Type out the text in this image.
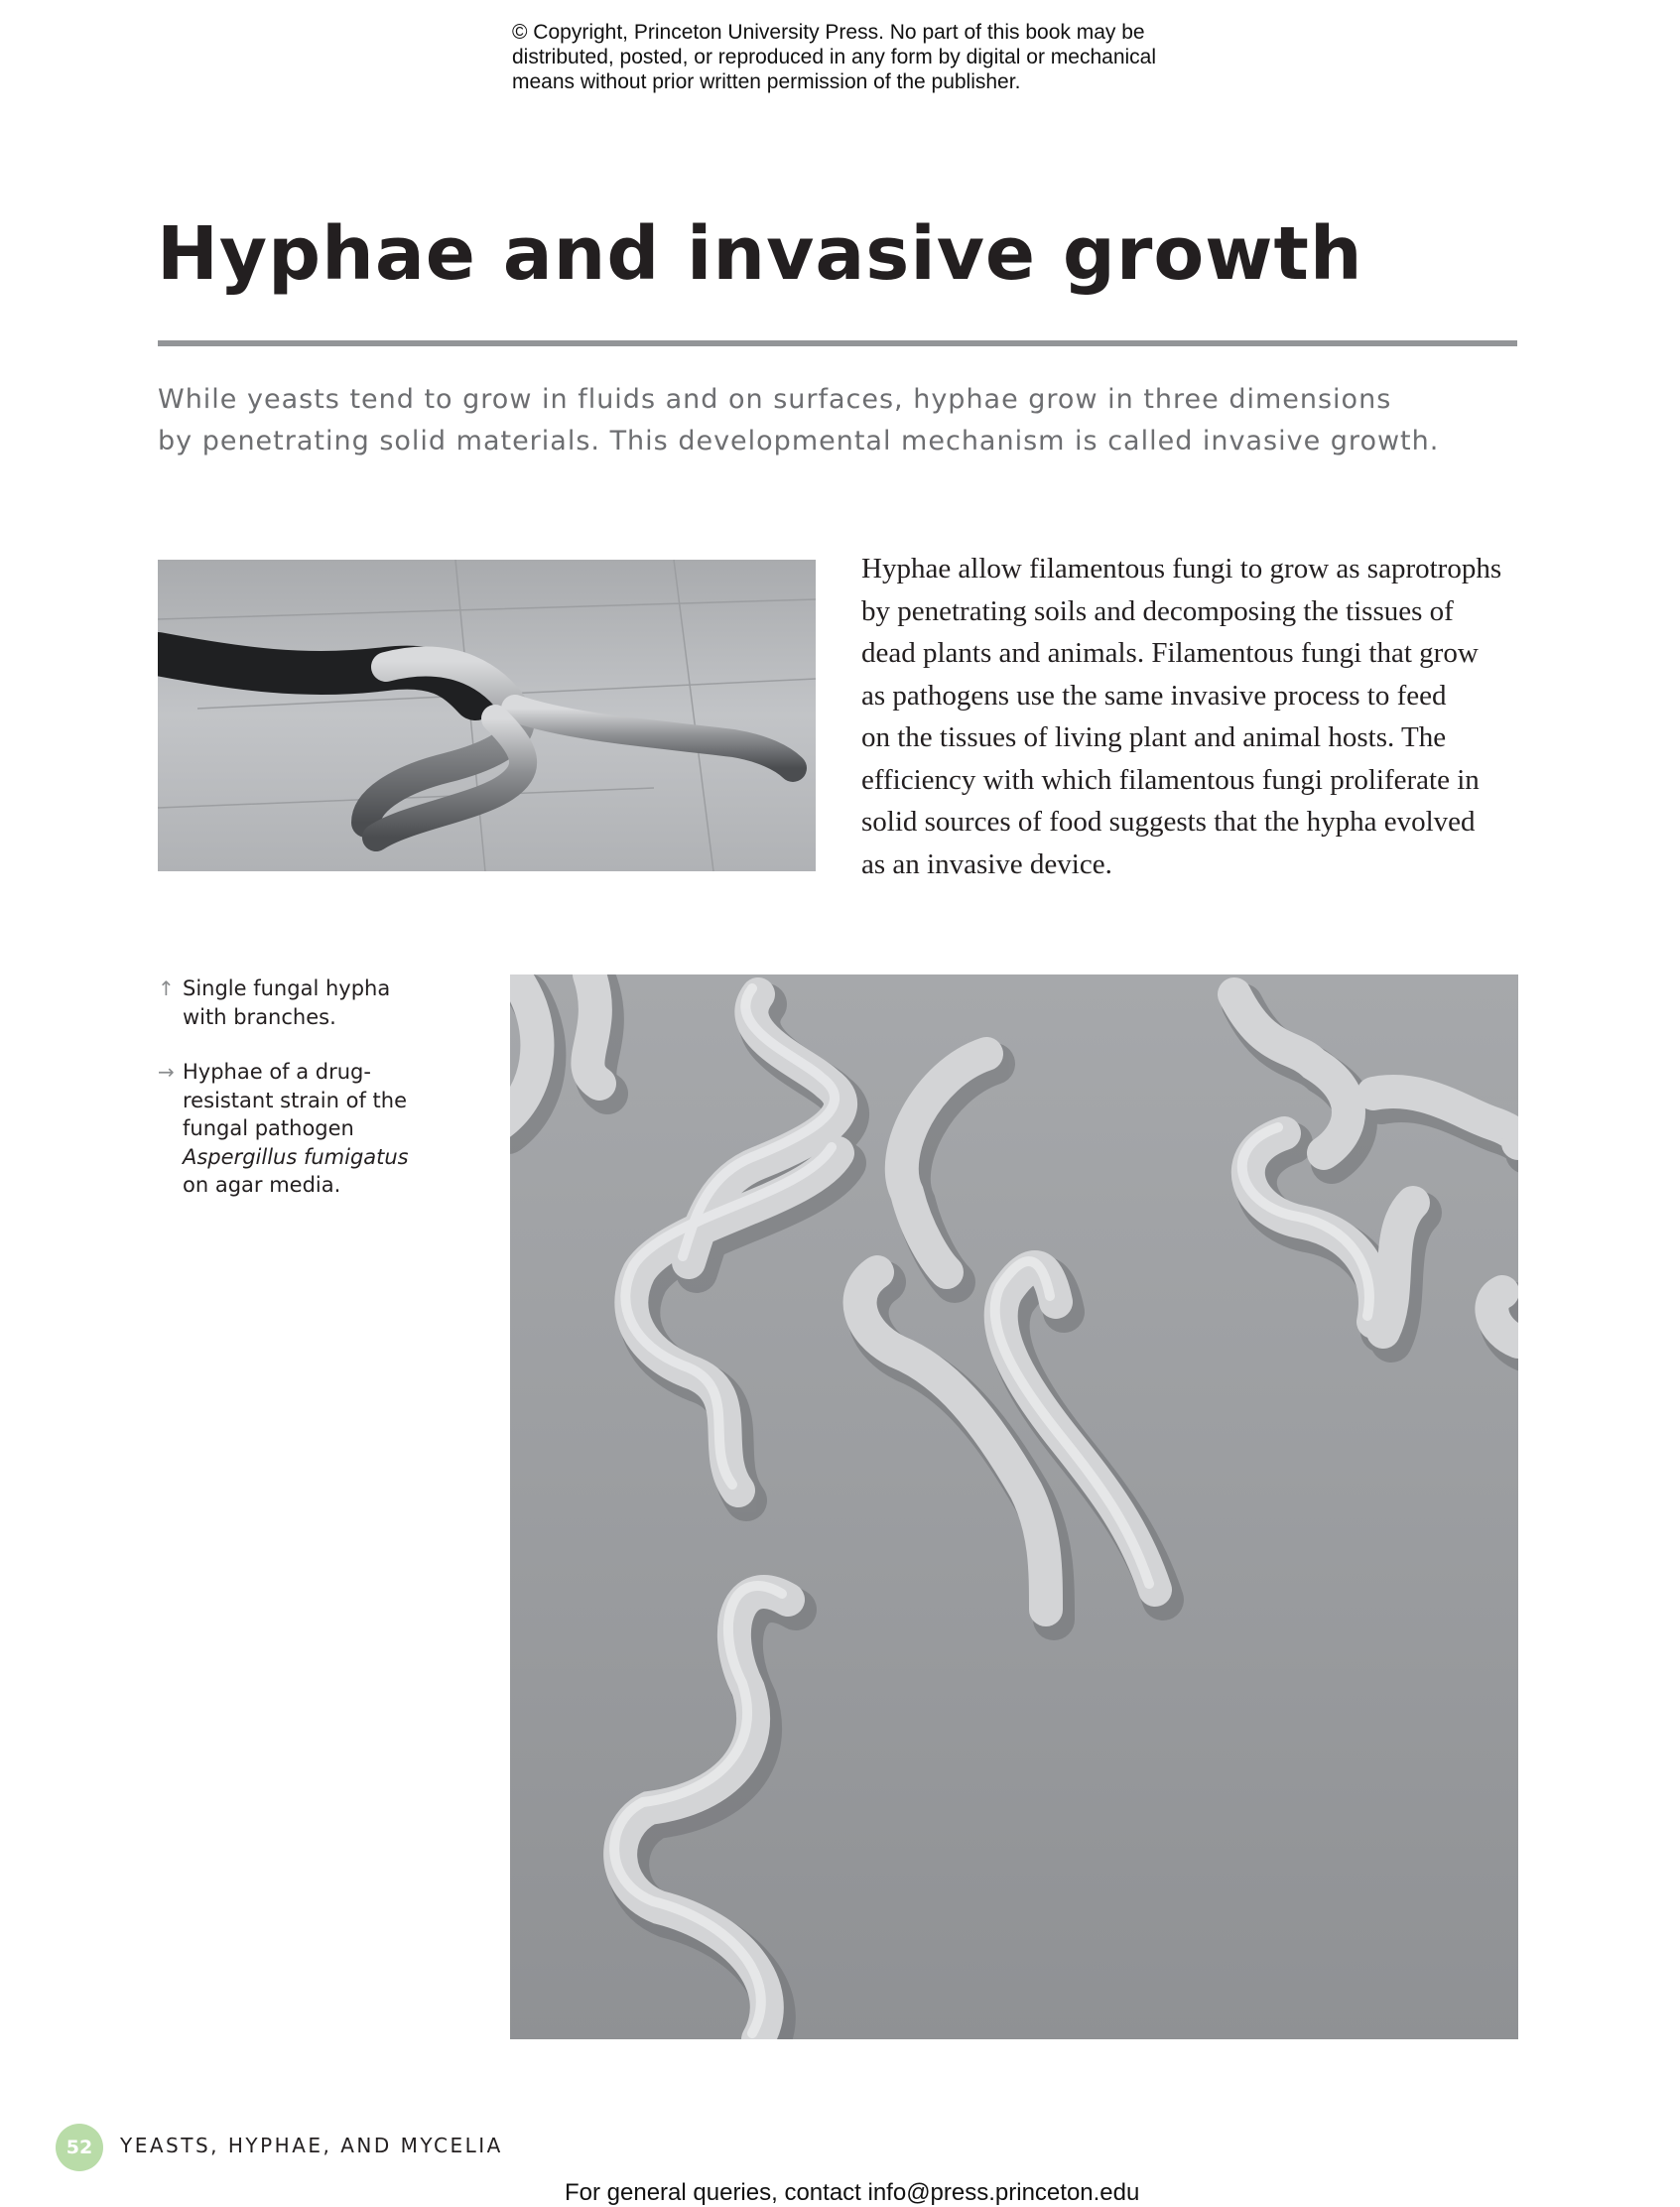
© Copyright, Princeton University Press. No part of this book may be
distributed, posted, or reproduced in any form by digital or mechanical
means without prior written permission of the publisher.
Hyphae and invasive growth
While yeasts tend to grow in fluids and on surfaces, hyphae grow in three dimensions
by penetrating solid materials. This developmental mechanism is called invasive growth.
Hyphae allow filamentous fungi to grow as saprotrophs
by penetrating soils and decomposing the tissues of
dead plants and animals. Filamentous fungi that grow
as pathogens use the same invasive process to feed
on the tissues of living plant and animal hosts. The
efficiency with which filamentous fungi proliferate in
solid sources of food suggests that the hypha evolved
as an invasive device.
↑ Single fungal hypha
with branches.
→ Hyphae of a drug-
resistant strain of the
fungal pathogen
Aspergillus fumigatus
on agar media.
52	YEASTS, HYPHAE, AND MYCELIA
For general queries, contact info@press.princeton.edu
